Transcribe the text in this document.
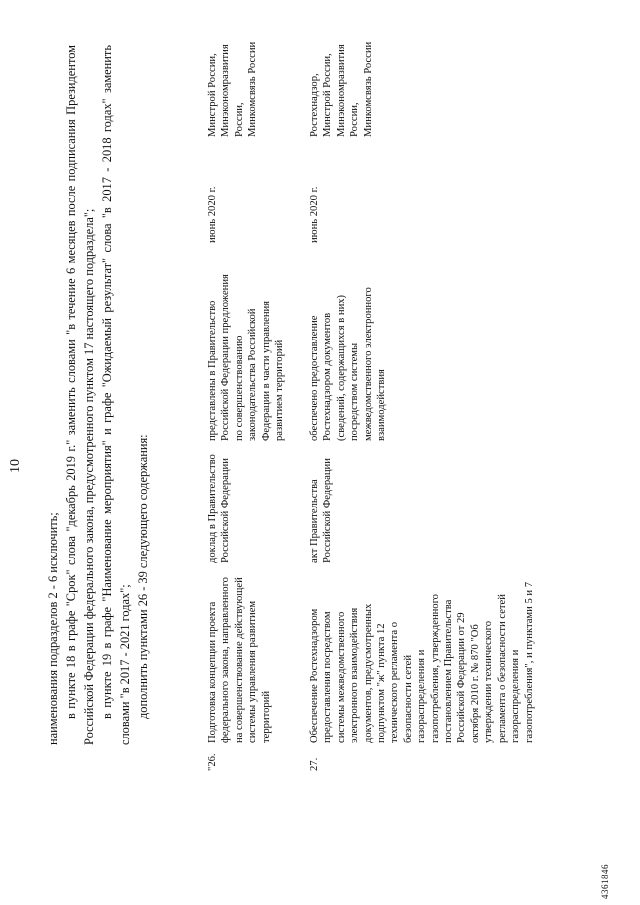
10

наименования подразделов 2 - 6 исключить; в пункте 18 в графе "Срок" слова "декабрь 2019 г." заменить словами "в течение 6 месяцев после подписания Президентом Российской Федерации федерального закона, предусмотренного пунктом 17 настоящего подраздела"; в пункте 19 в графе "Наименование мероприятия" и графе "Ожидаемый результат" слова "в 2017 - 2018 годах" заменить словами "в 2017 - 2021 годах"; дополнить пунктами 26 - 39 следующего содержания:

"26.
Подготовка концепции проекта федерального закона, направленного на совершенствование действующей системы управления развитием территорий
доклад в Правительство Российской Федерации
представлены в Правительство Российской Федерации предложения по совершенствованию законодательства Российской Федерации в части управления развитием территорий
июнь 2020 г.
Минстрой России,
Минэкономразвития России,
Минкомсвязь России
27.
Обеспечение Ростехнадзором предоставления посредством системы межведомственного электронного взаимодействия документов, предусмотренных подпунктом "ж" пункта 12 технического регламента о безопасности сетей газораспределения и газопотребления, утвержденного постановлением Правительства Российской Федерации от 29 октября 2010 г. № 870 "Об утверждении технического регламента о безопасности сетей газораспределения и газопотребления", и пунктами 5 и 7
акт Правительства Российской Федерации
обеспечено предоставление Ростехнадзором документов (сведений, содержащихся в них) посредством системы межведомственного электронного взаимодействия
июнь 2020 г.
Ростехнадзор,
Минстрой России,
Минэкономразвития России,
Минкомсвязь России
4361846
